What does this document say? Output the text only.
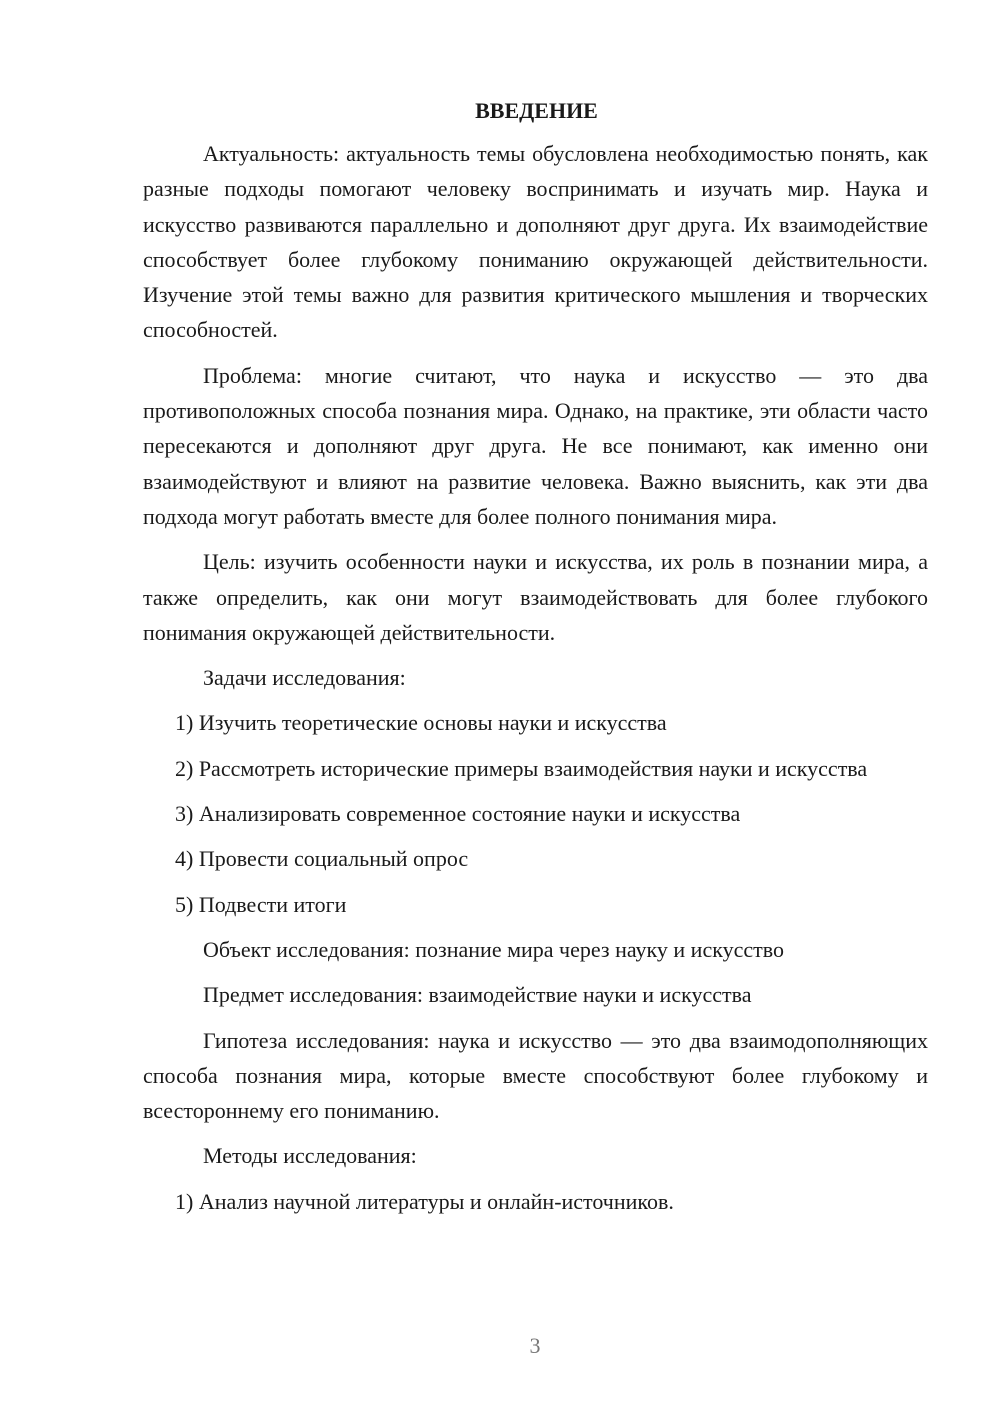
ВВЕДЕНИЕ

Актуальность: актуальность темы обусловлена необходимостью понять, как разные подходы помогают человеку воспринимать и изучать мир. Наука и искусство развиваются параллельно и дополняют друг друга. Их взаимодействие способствует более глубокому пониманию окружающей действительности. Изучение этой темы важно для развития критического мышления и творческих способностей.

Проблема: многие считают, что наука и искусство — это два противоположных способа познания мира. Однако, на практике, эти области часто пересекаются и дополняют друг друга. Не все понимают, как именно они взаимодействуют и влияют на развитие человека. Важно выяснить, как эти два подхода могут работать вместе для более полного понимания мира.

Цель: изучить особенности науки и искусства, их роль в познании мира, а также определить, как они могут взаимодействовать для более глубокого понимания окружающей действительности.

Задачи исследования:

1) Изучить теоретические основы науки и искусства

2) Рассмотреть исторические примеры взаимодействия науки и искусства

3) Анализировать современное состояние науки и искусства

4) Провести социальный опрос

5) Подвести итоги

Объект исследования: познание мира через науку и искусство

Предмет исследования: взаимодействие науки и искусства

Гипотеза исследования: наука и искусство — это два взаимодополняющих способа познания мира, которые вместе способствуют более глубокому и всестороннему его пониманию.

Методы исследования:

1) Анализ научной литературы и онлайн-источников.

3
